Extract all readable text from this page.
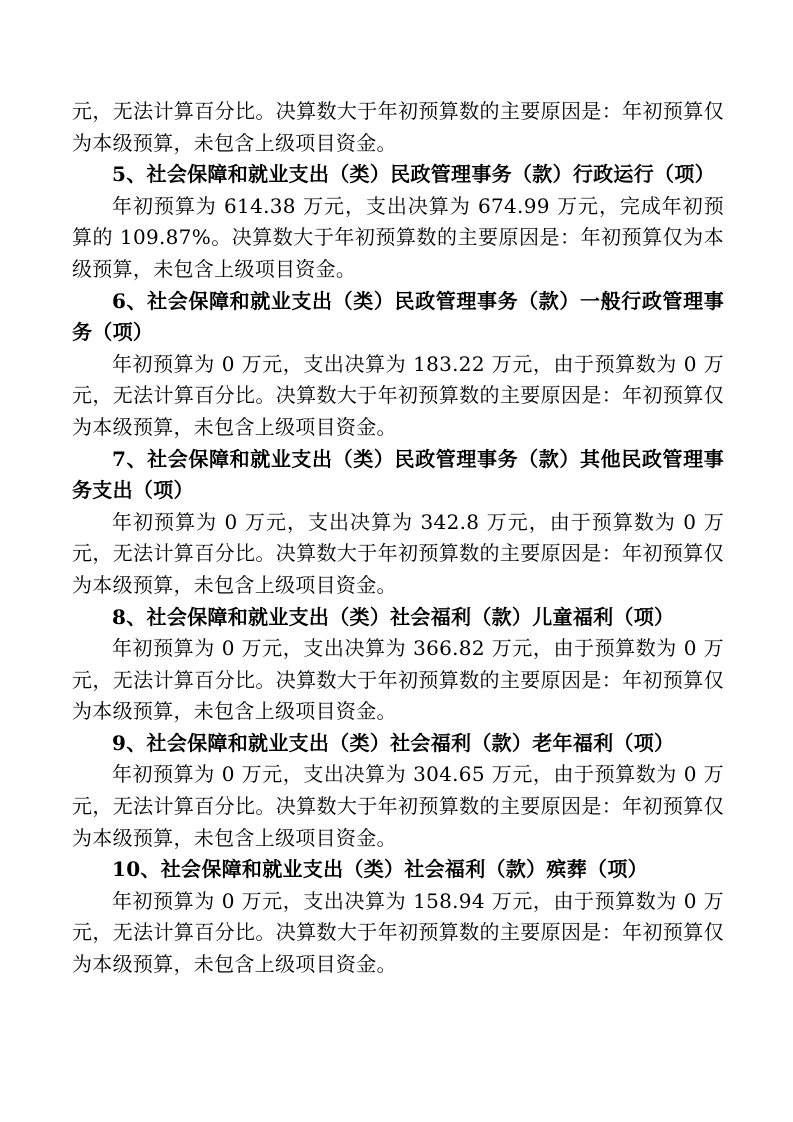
元，无法计算百分比。决算数大于年初预算数的主要原因是：年初预算仅为本级预算，未包含上级项目资金。

5、社会保障和就业支出（类）民政管理事务（款）行政运行（项）

年初预算为 614.38 万元，支出决算为 674.99 万元，完成年初预算的 109.87%。决算数大于年初预算数的主要原因是：年初预算仅为本级预算，未包含上级项目资金。

6、社会保障和就业支出（类）民政管理事务（款）一般行政管理事务（项）

年初预算为 0 万元，支出决算为 183.22 万元，由于预算数为 0 万元，无法计算百分比。决算数大于年初预算数的主要原因是：年初预算仅为本级预算，未包含上级项目资金。

7、社会保障和就业支出（类）民政管理事务（款）其他民政管理事务支出（项）

年初预算为 0 万元，支出决算为 342.8 万元，由于预算数为 0 万元，无法计算百分比。决算数大于年初预算数的主要原因是：年初预算仅为本级预算，未包含上级项目资金。

8、社会保障和就业支出（类）社会福利（款）儿童福利（项）

年初预算为 0 万元，支出决算为 366.82 万元，由于预算数为 0 万元，无法计算百分比。决算数大于年初预算数的主要原因是：年初预算仅为本级预算，未包含上级项目资金。

9、社会保障和就业支出（类）社会福利（款）老年福利（项）

年初预算为 0 万元，支出决算为 304.65 万元，由于预算数为 0 万元，无法计算百分比。决算数大于年初预算数的主要原因是：年初预算仅为本级预算，未包含上级项目资金。

10、社会保障和就业支出（类）社会福利（款）殡葬（项）

年初预算为 0 万元，支出决算为 158.94 万元，由于预算数为 0 万元，无法计算百分比。决算数大于年初预算数的主要原因是：年初预算仅为本级预算，未包含上级项目资金。
